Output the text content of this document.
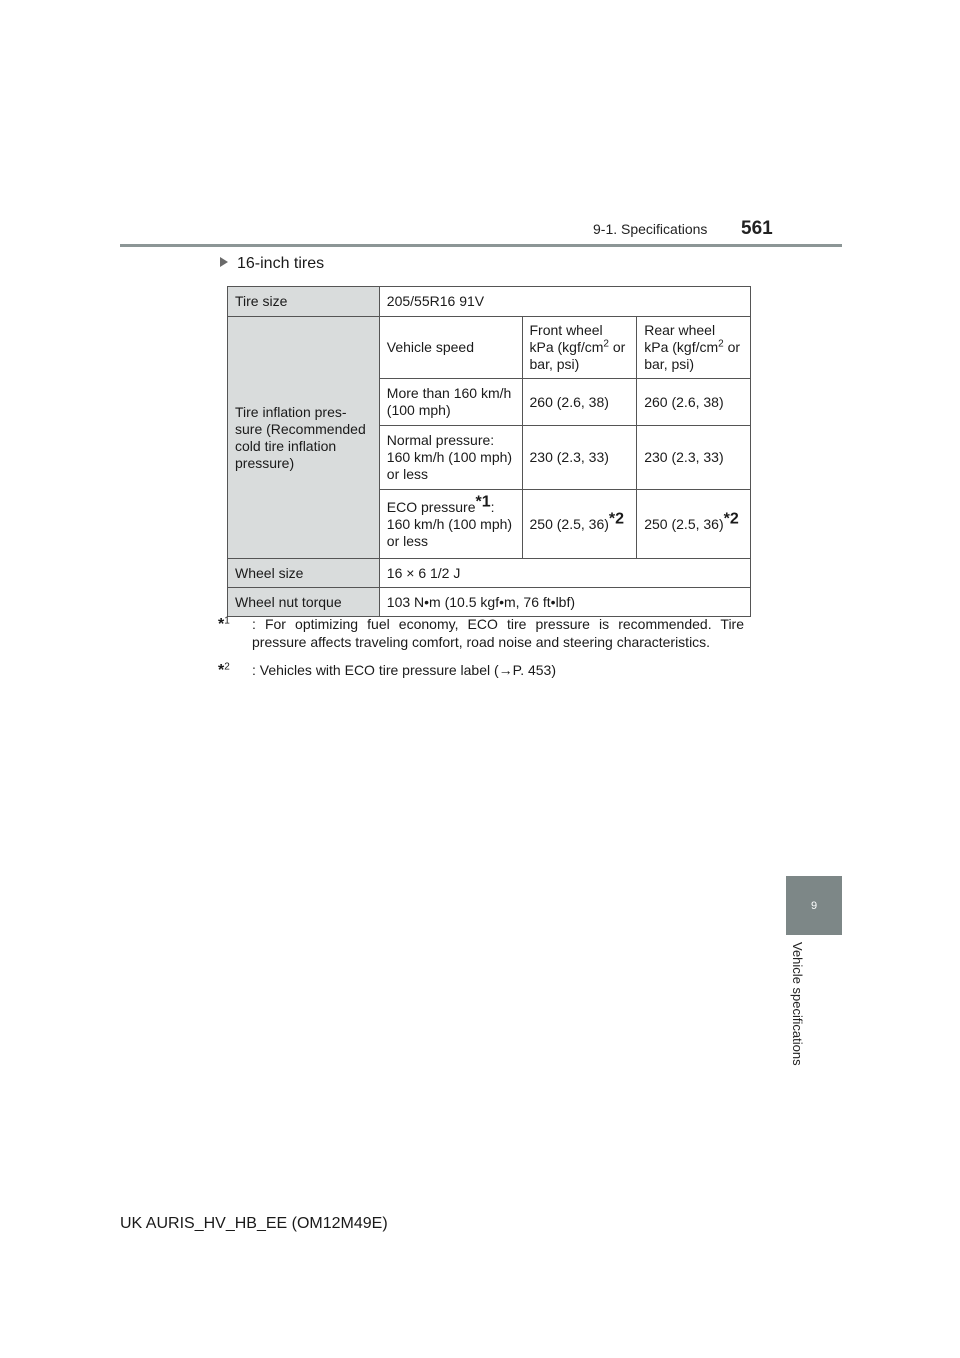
9-1. Specifications 561
16-inch tires
Tire size	205/55R16 91V		
Tire inflation pres-sure (Recommended cold tire inflation pressure)	Vehicle speed	Front wheel kPa ($kgf/cm^2$ or bar, psi)	Rear wheel kPa ($kgf/cm^2$ or bar, psi)
	More than 160 km/h (100 mph)	260 (2.6, 38)	260 (2.6, 38)
	Normal pressure: 160 km/h (100 mph) or less	230 (2.3, 33)	230 (2.3, 33)
	ECO pressure$^{*1}$: 160 km/h (100 mph) or less	250 (2.5, 36)$^{*2}$	250 (2.5, 36)$^{*2}$
Wheel size	16 × 6 1/2 J		
Wheel nut torque	103 N•m (10.5 kgf•m, 76 ft•lbf)		
*$^1$ : For optimizing fuel economy, ECO tire pressure is recommended. Tire pressure affects traveling comfort, road noise and steering characteristics.
*$^2$ : Vehicles with ECO tire pressure label (→P. 453)
9
Vehicle specifications
UK AURIS_HV_HB_EE (OM12M49E)
